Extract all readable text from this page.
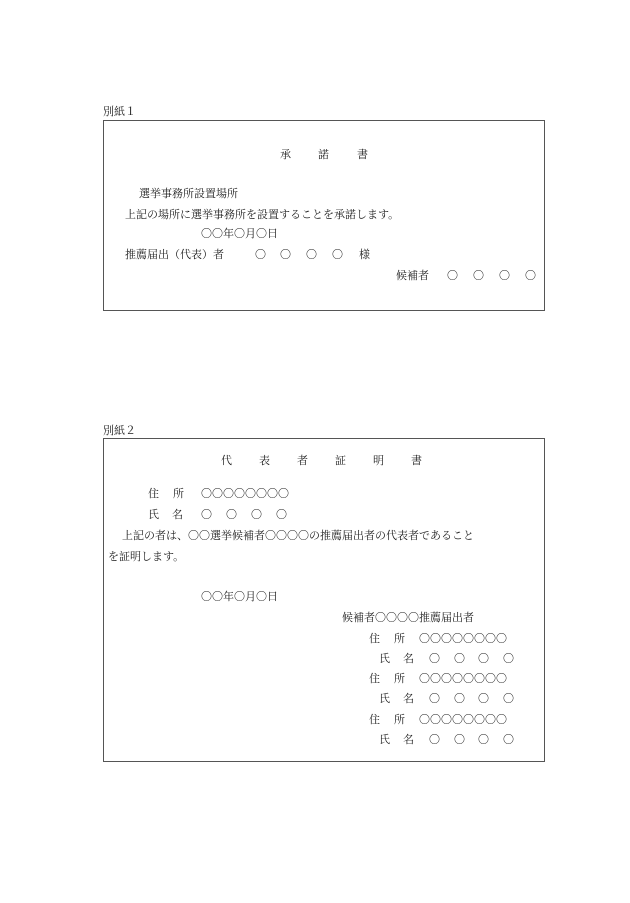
別紙１
承 諾	書
選挙事務所設置場所
上記の場所に選挙事務所を設置することを承諾します。
〇〇年〇月〇日
推薦届出（代表）者	〇 〇 〇 〇 様
候補者 〇 〇 〇 〇
別紙２
代 表 者 証 明 書
住 所 〇〇〇〇〇〇〇〇
氏 名 〇 〇 〇 〇
上記の者は、〇〇選挙候補者〇〇〇〇の推薦届出者の代表者であること
を証明します。
〇〇年〇月〇日
候補者〇〇〇〇推薦届出者
住 所 〇〇〇〇〇〇〇〇
氏 名 〇 〇 〇 〇
住 所 〇〇〇〇〇〇〇〇
氏 名 〇 〇 〇 〇
住 所 〇〇〇〇〇〇〇〇
氏 名 〇 〇 〇 〇
